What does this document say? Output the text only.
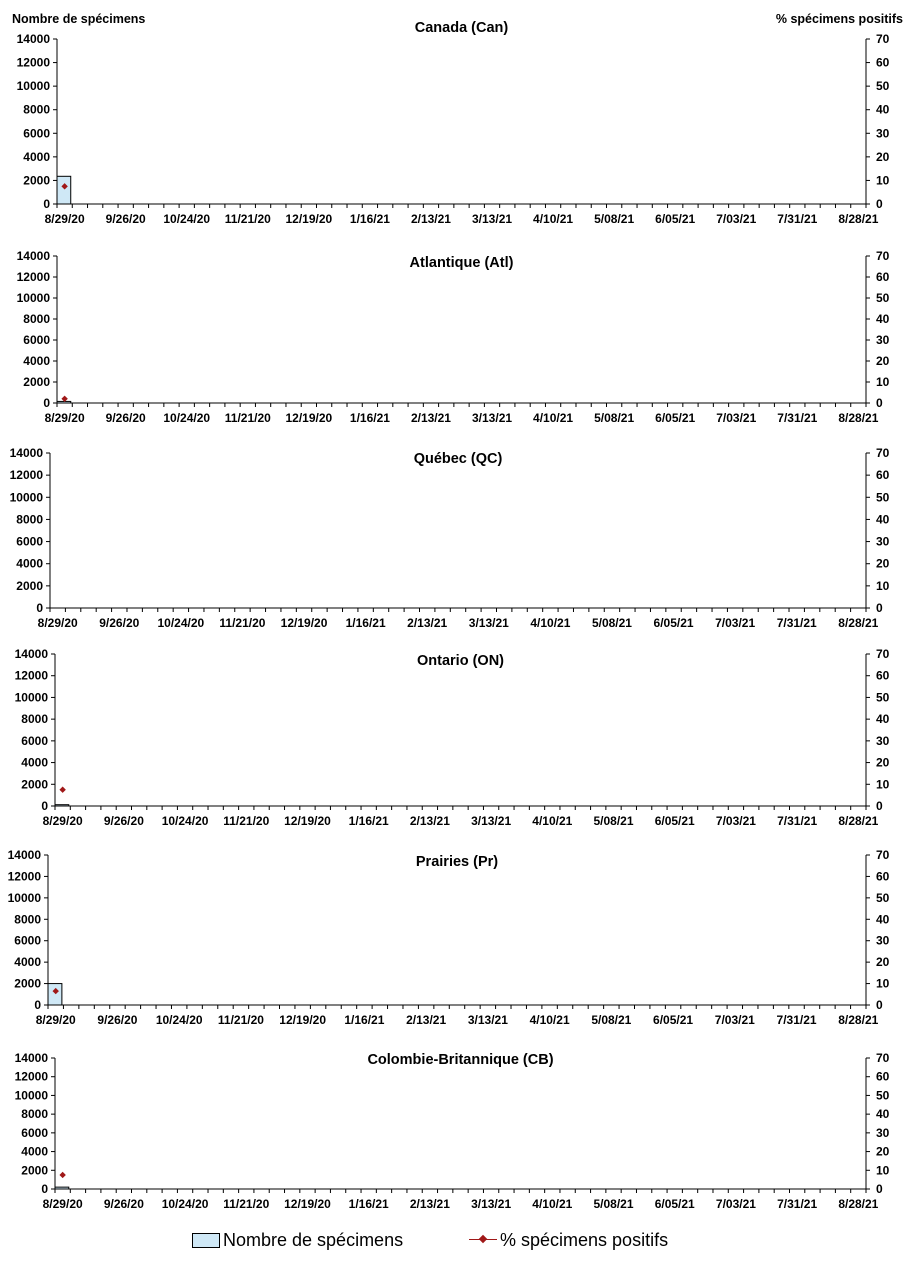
Nombre de spécimens	% spécimens positifs
Canada (Can)
0
2000
4000
6000
8000
10000
12000
14000
0
10
20
30
40
50
60
70
8/29/20 9/26/20 10/24/20 11/21/20 12/19/20 1/16/21 2/13/21 3/13/21 4/10/21 5/08/21 6/05/21 7/03/21 7/31/21 8/28/21
Atlantique (Atl)
0
2000
4000
6000
8000
10000
12000
14000
0
10
20
30
40
50
60
70
8/29/20 9/26/20 10/24/20 11/21/20 12/19/20 1/16/21 2/13/21 3/13/21 4/10/21 5/08/21 6/05/21 7/03/21 7/31/21 8/28/21
Québec (QC)
0
2000
4000
6000
8000
10000
12000
14000
0
10
20
30
40
50
60
70
8/29/20 9/26/20 10/24/20 11/21/20 12/19/20 1/16/21 2/13/21 3/13/21 4/10/21 5/08/21 6/05/21 7/03/21 7/31/21 8/28/21
Ontario (ON)
0
2000
4000
6000
8000
10000
12000
14000
0
10
20
30
40
50
60
70
8/29/20 9/26/20 10/24/20 11/21/20 12/19/20 1/16/21 2/13/21 3/13/21 4/10/21 5/08/21 6/05/21 7/03/21 7/31/21 8/28/21
Prairies (Pr)
0
2000
4000
6000
8000
10000
12000
14000
0
10
20
30
40
50
60
70
8/29/20 9/26/20 10/24/20 11/21/20 12/19/20 1/16/21 2/13/21 3/13/21 4/10/21 5/08/21 6/05/21 7/03/21 7/31/21 8/28/21
Colombie-Britannique (CB)
0
2000
4000
6000
8000
10000
12000
14000
0
10
20
30
40
50
60
70
8/29/20 9/26/20 10/24/20 11/21/20 12/19/20 1/16/21 2/13/21 3/13/21 4/10/21 5/08/21 6/05/21 7/03/21 7/31/21 8/28/21
Nombre de spécimens	% spécimens positifs
